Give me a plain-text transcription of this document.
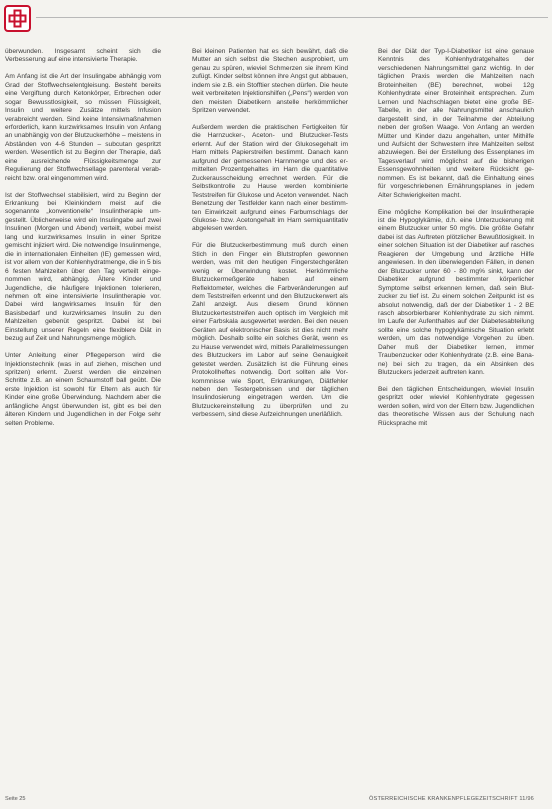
überwunden. Insgesamt scheint sich die Verbesserung auf eine intensivierte Therapie.

Am Anfang ist die Art der Insulingabe abhängig vom Grad der Stoffwechselentgleisung. Besteht bereits eine Vergiftung durch Ketonkörper, Erbrechen oder sogar Bewusstlosigkeit, so müssen Flüssigkeit, Insulin und weitere Zusätze mittels Infusion verabreicht werden. Sind keine Intensivmaßnahmen erforderlich, kann kurzwirksames Insulin von Anfang an unabhängig von der Blutzuckerhöhe – meistens in Abständen von 4-6 Stunden – subcutan gespritzt werden. Wesentlich ist zu Beginn der Therapie, daß eine ausreichende Flüssigkeitsmenge zur Regulierung der Stoffwechsellage parenteral verabreicht bzw. oral eingenommen wird.

Ist der Stoffwechsel stabilisiert, wird zu Beginn der Erkrankung bei Kleinkindern meist auf die sogenannte „konventionelle“ Insulintherapie umgestellt. Üblicherweise wird ein Insulingabe auf zwei Insulinen (Morgen und Abend) verteilt, wobei meist lang und kurzwirksames Insulin in einer Spritze gemischt injiziert wird. Die notwendige Insulinmenge, die in internationalen Einheiten (IE) gemessen wird, ist vor allem von der Kohlenhydratmenge, die in 5 bis 6 festen Mahlzeiten über den Tag verteilt eingenommen wird, abhängig. Ältere Kinder und Jugendliche, die häufigere Injektionen tolerieren, nehmen oft eine intensivierte Insulintherapie vor. Dabei wird langwirksames Insulin für den Basisbedarf und kurzwirksames Insulin zu den Mahlzeiten gebenüt gespritzt. Dabei ist bei Einstellung unserer Regeln eine flexiblere Diät in bezug auf Zeit und Nahrungsmenge möglich.

Unter Anleitung einer Pflegeperson wird die Injektionstechnik (was in auf ziehen, mischen und spritzen) erlernt. Zuerst werden die einzelnen Schritte z.B. an einem Schaumstoff ball geübt. Die erste Injektion ist sowohl für Eltern als auch für Kinder eine große Überwindung. Nachdem aber die anfängliche Angst überwunden ist, gibt es bei den älteren Kindern und Jugendlichen in der Folge sehr selten Probleme.

Bei kleinen Patienten hat es sich bewährt, daß die Mutter an sich selbst die Stechen ausprobiert, um genau zu spüren, wieviel Schmerzen sie ihrem Kind zufügt. Kinder selbst können ihre Angst gut abbauen, indem sie z.B. ein Stofftier stechen dürfen. Die heute weit verbreiteten Injektionshilfen („Pens“) werden von den meisten Diabetikern anstelle herkömmlicher Spritzen verwendet.

Außerdem werden die praktischen Fertigkeiten für die Harnzucker-, Aceton- und Blutzucker-Tests erlernt. Auf der Station wird der Glukosegehalt im Harn mittels Papierstreifen bestimmt. Danach kann aufgrund der gemessenen Harnmenge und des ermittelten Prozentgehaltes im Harn die quantitative Zuckerausscheidung errechnet werden. Für die Selbstkontrolle zu Hause werden kombinierte Teststreifen für Glukose und Aceton verwendet. Nach Benetzung der Testfelder kann nach einer bestimmten Einwirkzeit aufgrund eines Farbumschlags der Glukose- bzw. Acetongehalt im Harn semiquantitativ abgelesen werden.

Für die Blutzuckerbestimmung muß durch einen Stich in den Finger ein Blutstropfen gewonnen werden, was mit den heutigen Fingerstechgeräten wenig er Überwindung kostet. Herkömmliche Blutzuckermeßgeräte haben auf einem Reflektometer, welches die Farbveränderungen auf dem Teststreifen erkennt und den Blutzuckerwert als Zahl anzeigt. Aus diesem Grund können Blutzuckerteststreifen auch optisch im Vergleich mit einer Farbskala ausgewertet werden. Bei den neuen Geräten auf elektronischer Basis ist dies nicht mehr möglich. Deshalb sollte ein solches Gerät, wenn es zu Hause verwendet wird, mittels Parallelmessungen des Blutzuckers im Labor auf seine Genauigkeit getestet werden. Zusätzlich ist die Führung eines Protokollheftes notwendig. Dort sollten alle Vorkommnisse wie Sport, Erkrankungen, Diätfehler neben den Testergebnissen und der täglichen Insulindosierung eingetragen werden. Um die Blutzuckereinstellung zu überprüfen und zu verbessern, sind diese Aufzeichnungen unerläßlich.

Bei der Diät der Typ-I-Diabetiker ist eine genaue Kenntnis des Kohlenhydratgehaltes der verschiedenen Nahrungsmittel ganz wichtig. In der täglichen Praxis werden die Mahlzeiten nach Broteinheiten (BE) berechnet, wobei 12g Kohlenhydrate einer Broteinheit entsprechen. Zum Lernen und Nachschlagen bietet eine große BE-Tabelle, in der alle Nahrungsmittel anschaulich dargestellt sind, in der Teilnahme der Abteilung neben der großen Waage. Von Anfang an werden Mütter und Kinder dazu angehalten, unter Mithilfe und Aufsicht der Schwestern ihre Mahlzeiten selbst abzuwiegen. Bei der Erstellung des Essenplanes im Tagesverlauf wird möglichst auf die bisherigen Essensgewohnheiten und weitere Rücksicht genommen. Es ist bekannt, daß die Einhaltung eines für vorgeschriebenen Ernährungsplanes in jedem Alter Schwierigkeiten macht.

Eine mögliche Komplikation bei der Insulintherapie ist die Hypoglykämie, d.h. eine Unterzuckerung mit einem Blutzucker unter 50 mg%. Die größte Gefahr dabei ist das Auftreten plötzlicher Bewußtlosigkeit. In einer solchen Situation ist der Diabetiker auf rasches Reagieren der Umgebung und ärztliche Hilfe angewiesen. In den überwiegenden Fällen, in denen der Blutzucker unter 60 - 80 mg% sinkt, kann der Diabetiker aufgrund bestimmter körperlicher Symptome selbst erkennen lernen, daß sein Blutzucker zu tief ist. Zu einem solchen Zeitpunkt ist es absolut notwendig, daß der der Diabetiker 1 - 2 BE rasch absorbierbarer Kohlenhydrate zu sich nimmt. Im Laufe der Aufenthaltes auf der Diabetesabteilung sollte eine solche hypoglykämische Situation erlebt werden, um das notwendige Vorgehen zu üben. Daher muß der Diabetiker lernen, immer Traubenzucker oder Kohlenhydrate (z.B. eine Banane) bei sich zu tragen, da ein Absinken des Blutzuckers jederzeit auftreten kann.

Bei den täglichen Entscheidungen, wieviel Insulin gespritzt oder wieviel Kohlenhydrate gegessen werden sollen, wird von der Eltern bzw. Jugendlichen das theoretische Wissen aus der Schulung nach Rücksprache mit

Seite 25	ÖSTERREICHISCHE KRANKENPFLEGEZEITSCHRIFT 11/96
